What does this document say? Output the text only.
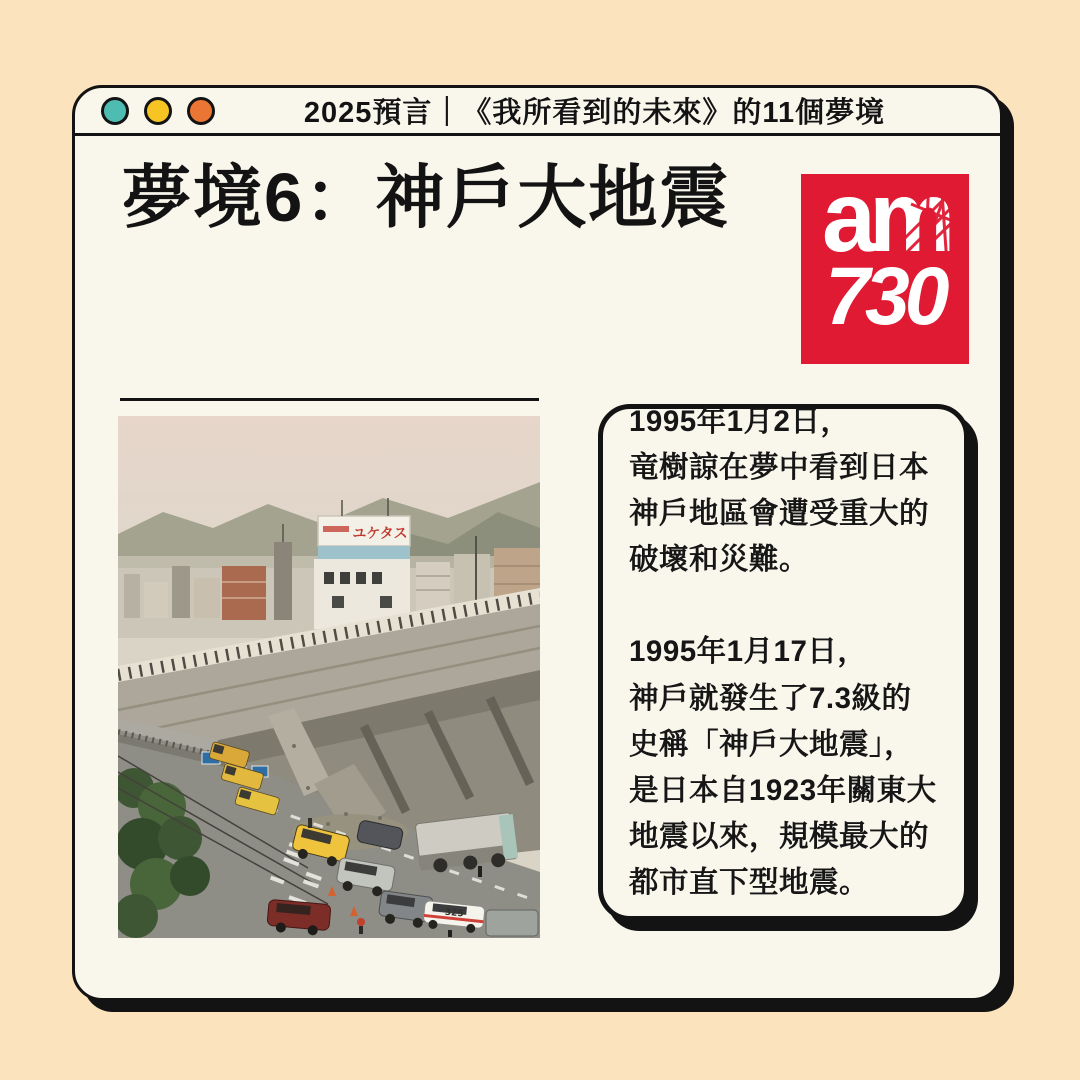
2025預言｜《我所看到的未來》的11個夢境
夢境6：神戶大地震 am
730
ユケタス
325

1995年1月2日，
竜樹諒在夢中看到日本神戶地區會遭受重大的破壞和災難。

1995年1月17日，
神戶就發生了7.3級的史稱「神戶大地震」，是日本自1923年關東大地震以來，規模最大的都市直下型地震。
